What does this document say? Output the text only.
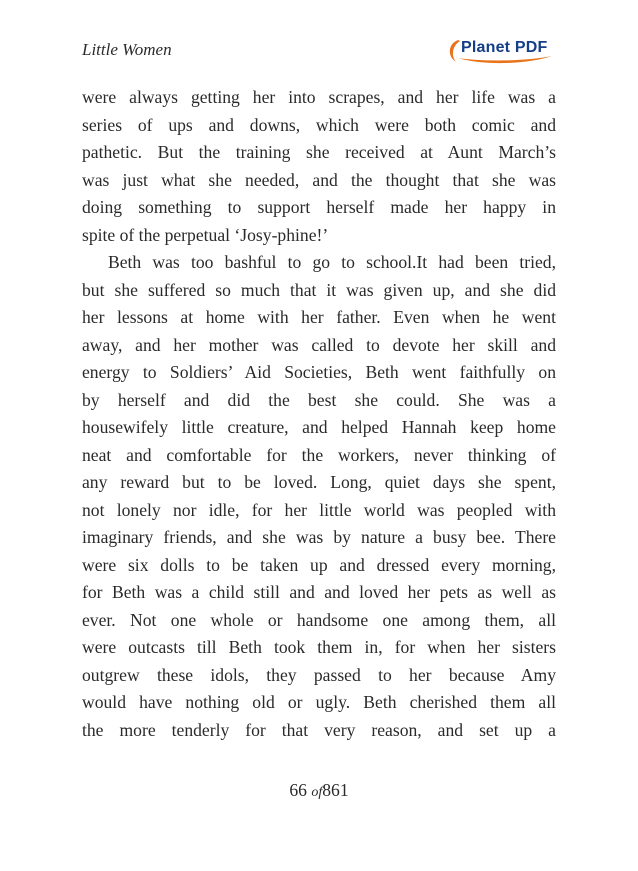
Little Women	Planet PDF
were always getting her into scrapes, and her life was a
series of ups and downs, which were both comic and
pathetic. But the training she received at Aunt March’s
was just what she needed, and the thought that she was
doing something to support herself made her happy in
spite of the perpetual ‘Josy-phine!’
Beth was too bashful to go to school.It had been tried,
but she suffered so much that it was given up, and she did
her lessons at home with her father. Even when he went
away, and her mother was called to devote her skill and
energy to Soldiers’ Aid Societies, Beth went faithfully on
by herself and did the best she could. She was a
housewifely little creature, and helped Hannah keep home
neat and comfortable for the workers, never thinking of
any reward but to be loved. Long, quiet days she spent,
not lonely nor idle, for her little world was peopled with
imaginary friends, and she was by nature a busy bee. There
were six dolls to be taken up and dressed every morning,
for Beth was a child still and and loved her pets as well as
ever. Not one whole or handsome one among them, all
were outcasts till Beth took them in, for when her sisters
outgrew these idols, they passed to her because Amy
would have nothing old or ugly. Beth cherished them all
the more tenderly for that very reason, and set up a
66 of861
